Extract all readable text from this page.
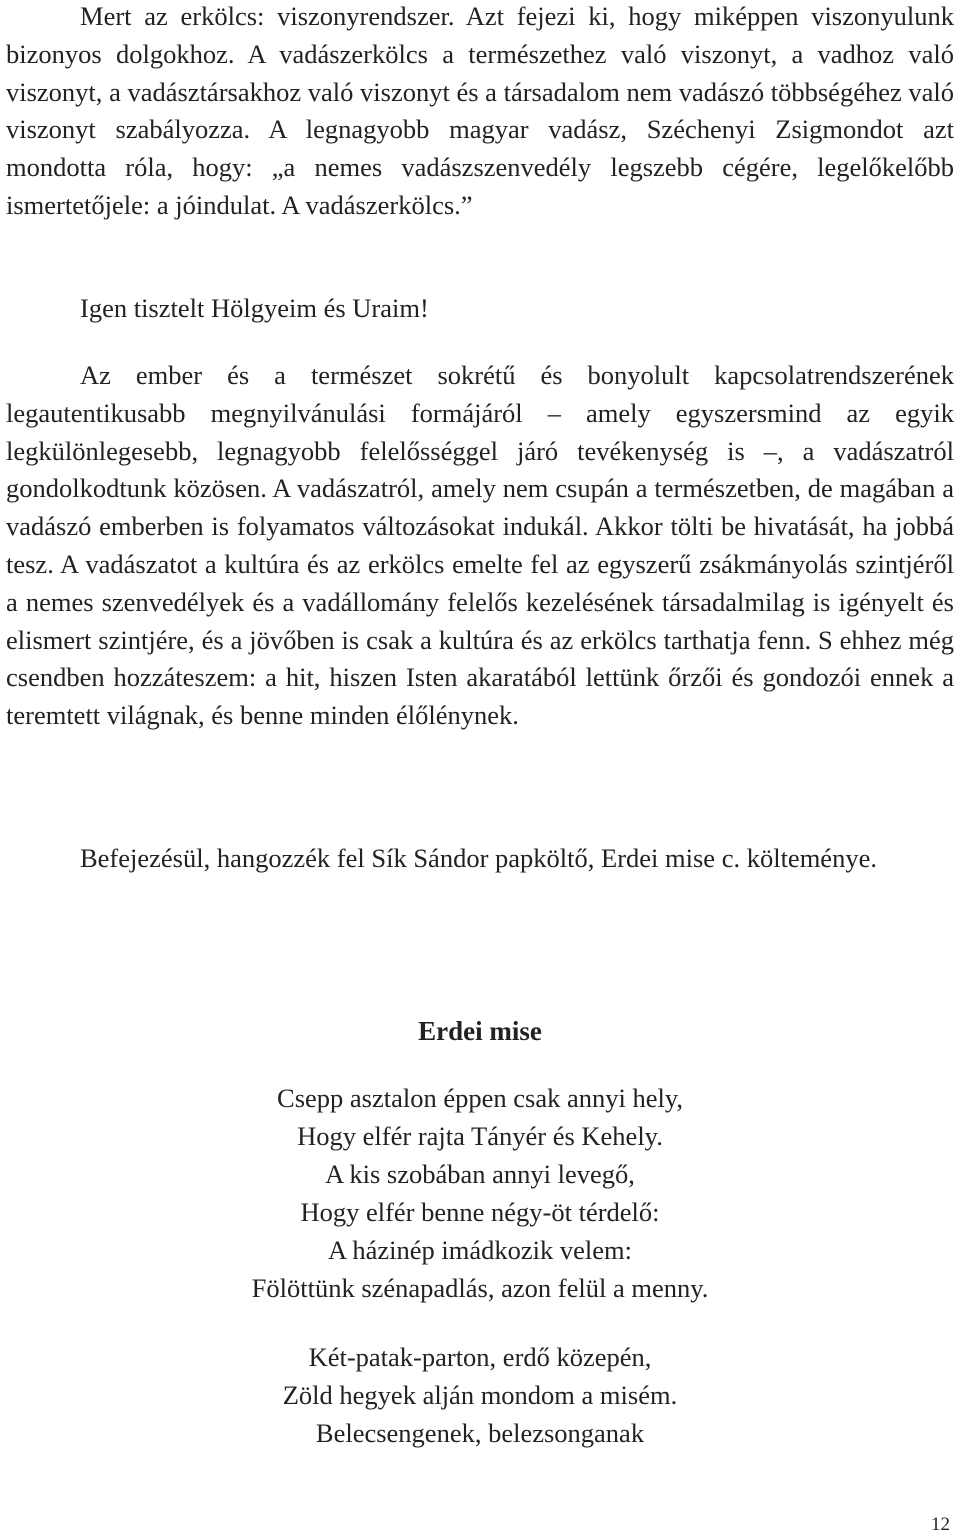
Mert az erkölcs: viszonyrendszer. Azt fejezi ki, hogy miképpen viszonyulunk bizonyos dolgokhoz. A vadászerkölcs a természethez való viszonyt, a vadhoz való viszonyt, a vadásztársakhoz való viszonyt és a társadalom nem vadászó többségéhez való viszonyt szabályozza. A legnagyobb magyar vadász, Széchenyi Zsigmondot azt mondotta róla, hogy: „a nemes vadászszenvedély legszebb cégére, legelőkelőbb ismertetőjele: a jóindulat. A vadászerkölcs.”

Igen tisztelt Hölgyeim és Uraim!

Az ember és a természet sokrétű és bonyolult kapcsolatrendszerének legautentikusabb megnyilvánulási formájáról – amely egyszersmind az egyik legkülönlegesebb, legnagyobb felelősséggel járó tevékenység is –, a vadászatról gondolkodtunk közösen. A vadászatról, amely nem csupán a természetben, de magában a vadászó emberben is folyamatos változásokat indukál. Akkor tölti be hivatását, ha jobbá tesz. A vadászatot a kultúra és az erkölcs emelte fel az egyszerű zsákmányolás szintjéről a nemes szenvedélyek és a vadállomány felelős kezelésének társadalmilag is igényelt és elismert szintjére, és a jövőben is csak a kultúra és az erkölcs tarthatja fenn. S ehhez még csendben hozzáteszem: a hit, hiszen Isten akaratából lettünk őrzői és gondozói ennek a teremtett világnak, és benne minden élőlénynek.

Befejezésül, hangozzék fel Sík Sándor papköltő, Erdei mise c. költeménye.

Erdei mise
Csepp asztalon éppen csak annyi hely,
Hogy elfér rajta Tányér és Kehely.
A kis szobában annyi levegő,
Hogy elfér benne négy-öt térdelő:
A házinép imádkozik velem:
Fölöttünk szénapadlás, azon felül a menny.
Két-patak-parton, erdő közepén,
Zöld hegyek alján mondom a misém.
Belecsengenek, belezsonganak
12
